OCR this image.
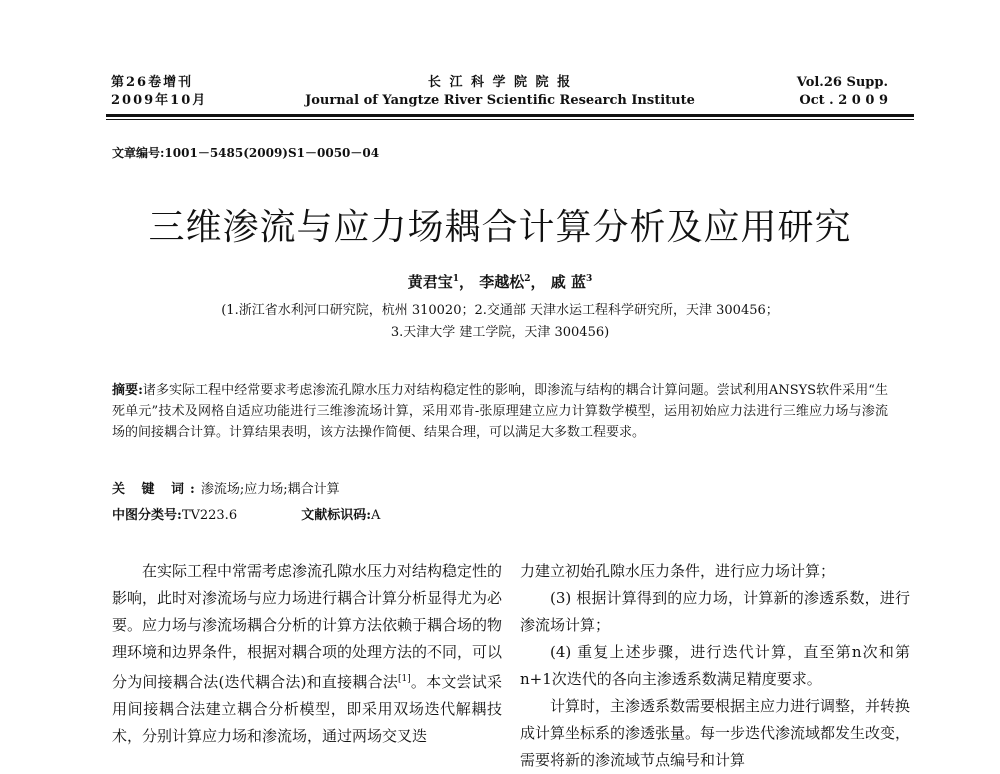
第26卷增刊
2009年10月
长 江 科 学 院 院 报
Journal of Yangtze River Scientific Research Institute
Vol.26 Supp.
Oct . 2 0 0 9
文章编号:1001－5485(2009)S1－0050－04
三维渗流与应力场耦合计算分析及应用研究
黄君宝$^1$， 李越松$^2$， 戚 蓝$^3$
(1.浙江省水利河口研究院，杭州 310020；2.交通部 天津水运工程科学研究所，天津 300456；
3.天津大学 建工学院，天津 300456)
摘要:诸多实际工程中经常要求考虑渗流孔隙水压力对结构稳定性的影响，即渗流与结构的耦合计算问题。尝试利用ANSYS软件采用“生死单元”技术及网格自适应功能进行三维渗流场计算，采用邓肯-张原理建立应力计算数学模型，运用初始应力法进行三维应力场与渗流场的间接耦合计算。计算结果表明，该方法操作简便、结果合理，可以满足大多数工程要求。
关 键 词:渗流场;应力场;耦合计算
中图分类号:TV223.6	文献标识码:A

在实际工程中常需考虑渗流孔隙水压力对结构稳定性的影响，此时对渗流场与应力场进行耦合计算分析显得尤为必要。应力场与渗流场耦合分析的计算方法依赖于耦合场的物理环境和边界条件，根据对耦合项的处理方法的不同，可以分为间接耦合法(迭代耦合法)和直接耦合法[1]。本文尝试采用间接耦合法建立耦合分析模型，即采用双场迭代解耦技术，分别计算应力场和渗流场，通过两场交叉迭

力建立初始孔隙水压力条件，进行应力场计算；

(3) 根据计算得到的应力场，计算新的渗透系数，进行渗流场计算；

(4) 重复上述步骤，进行迭代计算，直至第n次和第n+1次迭代的各向主渗透系数满足精度要求。

计算时，主渗透系数需要根据主应力进行调整，并转换成计算坐标系的渗透张量。每一步迭代渗流域都发生改变，需要将新的渗流域节点编号和计算
